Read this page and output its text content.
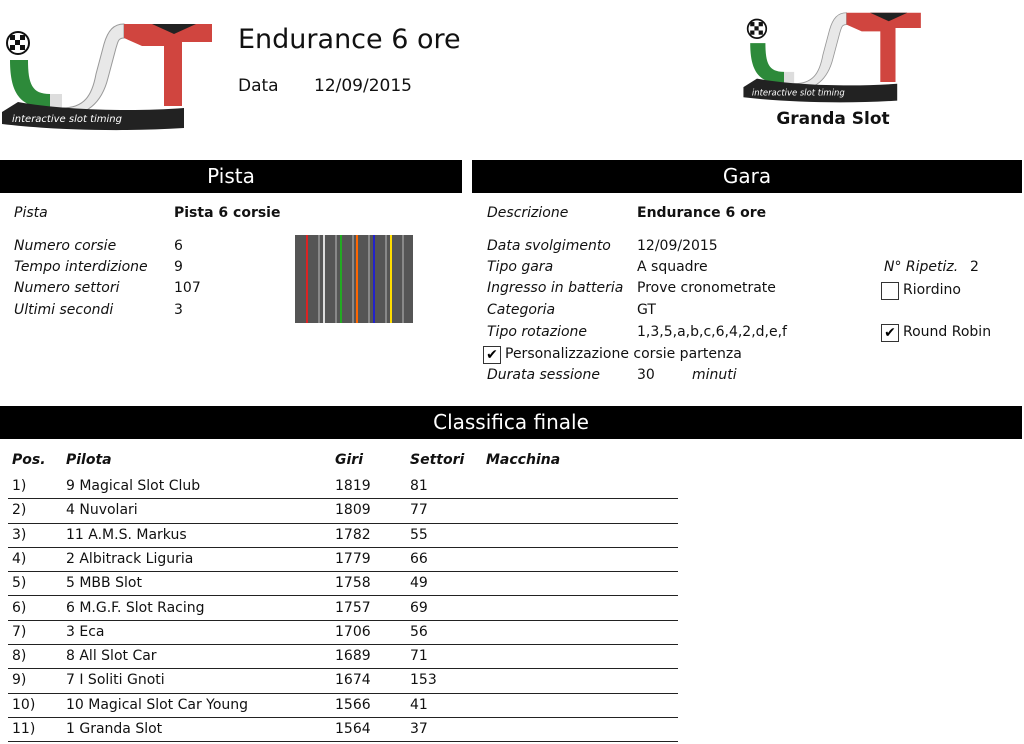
interactive slot timing
interactive slot timing
Endurance 6 ore
Data 12/09/2015
Granda Slot
Pista	Gara
Pista	Pista 6 corsie
Numero corsie	6
Tempo interdizione 9
Numero settori	107
Ultimi secondi	3
Descrizione	Endurance 6 ore
Data svolgimento 12/09/2015
Tipo gara	A squadre
Ingresso in batteria Prove cronometrate
Categoria	GT
Tipo rotazione	1,3,5,a,b,c,6,4,2,d,e,f
✔ Personalizzazione corsie partenza
Durata sessione	30	minuti
N° Ripetiz. 2
Riordino
✔ Round Robin
Classifica finale
Pos. Pilota	Giri	Settori Macchina
1)	9 Magical Slot Club	1819	81
2)	4 Nuvolari	1809	77
3)	11 A.M.S. Markus	1782	55
4)	2 Albitrack Liguria	1779	66
5)	5 MBB Slot	1758	49
6)	6 M.G.F. Slot Racing	1757	69
7)	3 Eca	1706	56
8)	8 All Slot Car	1689	71
9)	7 I Soliti Gnoti	1674	153
10) 10 Magical Slot Car Young	1566	41
11) 1 Granda Slot	1564	37
